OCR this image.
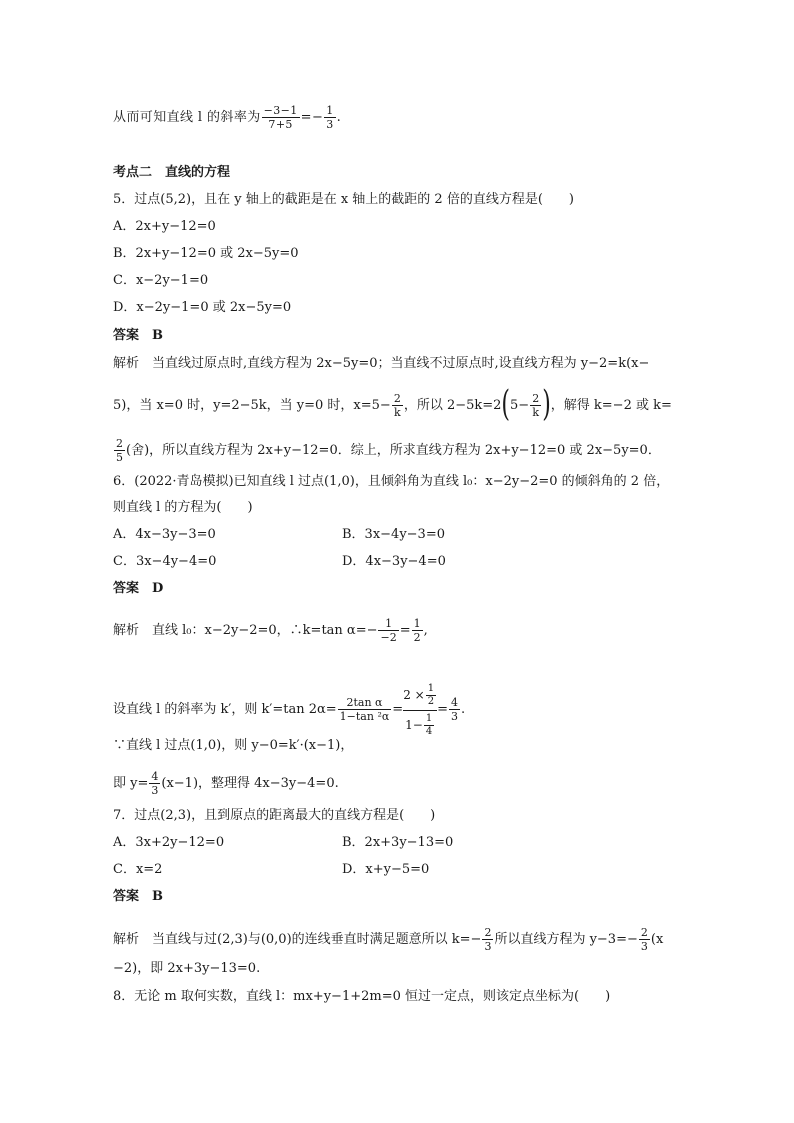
从而可知直线 l 的斜率为 $\frac{-3-1}{7+5} =- \frac{1}{3}$ .
考点二　直线的方程
5．过点(5,2)，且在 y 轴上的截距是在 x 轴上的截距的 2 倍的直线方程是(　　)
A．2x+y−12=0
B．2x+y−12=0 或 2x−5y=0
C．x−2y−1=0
D．x−2y−1=0 或 2x−5y=0
答案　B
解析　当直线过原点时,直线方程为 2x−5y=0；当直线不过原点时,设直线方程为 y−2=k(x−
5)，当 x=0 时，y=2−5k，当 y=0 时，$x=5- \frac{2}{k}$ ，所以 $2-5k=2(5- \frac{2}{k}$ )，解得 k=−2 或 k=
$\frac{2}{5}$ (舍)，所以直线方程为 2x+y−12=0．综上，所求直线方程为 2x+y−12=0 或 2x−5y=0．
6．(2022·青岛模拟)已知直线 l 过点(1,0)，且倾斜角为直线 l₀：x−2y−2=0 的倾斜角的 2 倍，
则直线 l 的方程为(　　)
A．4x−3y−3=0	B．3x−4y−3=0
C．3x−4y−4=0	D．4x−3y−4=0
答案　D
解析　直线 l₀：x−2y−2=0，∴k=tan $\alpha=- \frac{1}{-2} = \frac{1}{2}$ ,
设直线 l 的斜率为 k′，则 k′=tan $2\alpha= \frac{\text{2tan α}}{\text{1−tan ²α}} = \frac{2 \times \frac{1}{2}}{1- \frac{1}{4}} = \frac{4}{3}$ .
∵直线 l 过点(1,0)，则 y−0=k′·(x−1)，
即 $y= \frac{4}{3} (x-1)$，整理得 4x−3y−4=0.
7．过点(2,3)，且到原点的距离最大的直线方程是(　　)
A．3x+2y−12=0	B．2x+3y−13=0
C．x=2	D．x+y−5=0
答案　B
解析　当直线与过(2,3)与(0,0)的连线垂直时满足题意所以 $k=- \frac{2}{3}$ 所以直线方程为 $y-3=- \frac{2}{3} (x$
−2)，即 2x+3y−13=0.
8．无论 m 取何实数，直线 l：mx+y−1+2m=0 恒过一定点，则该定点坐标为(　　)
